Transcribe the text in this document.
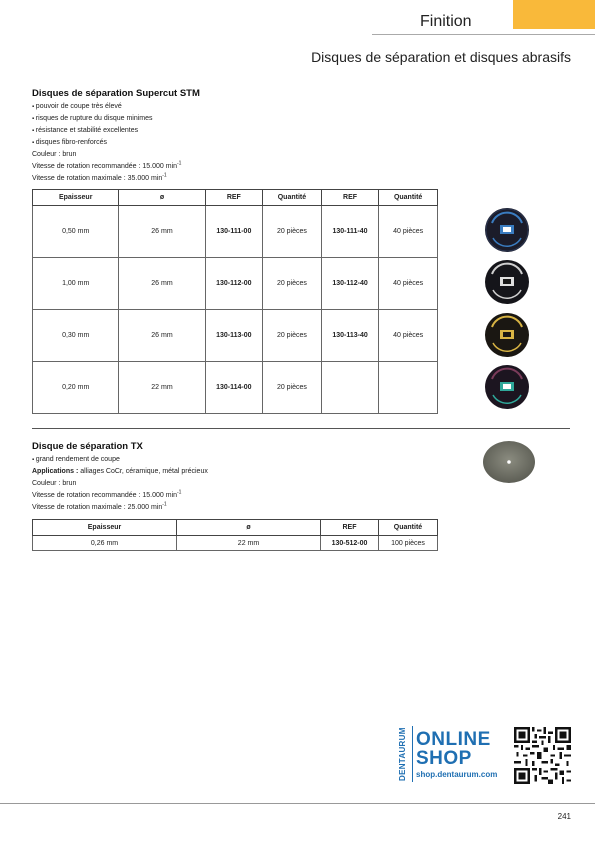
Finition
Disques de séparation et disques abrasifs
Disques de séparation Supercut STM
▪ pouvoir de coupe très élevé
▪ risques de rupture du disque minimes
▪ résistance et stabilité excellentes
▪ disques fibro-renforcés
Couleur : brun
Vitesse de rotation recommandée : 15.000 $\min^{-1}$
Vitesse de rotation maximale : 35.000 $\min^{-1}$
Epaisseur	ø	REF	Quantité	REF	Quantité
0,50 mm	26 mm	130-111-00	20 pièces	130-111-40	40 pièces
1,00 mm	26 mm	130-112-00	20 pièces	130-112-40	40 pièces
0,30 mm	26 mm	130-113-00	20 pièces	130-113-40	40 pièces
0,20 mm	22 mm	130-114-00	20 pièces		
Disque de séparation TX
▪ grand rendement de coupe
Applications : alliages CoCr, céramique, métal précieux
Couleur : brun
Vitesse de rotation recommandée : 15.000 $\min^{-1}$
Vitesse de rotation maximale : 25.000 $\min^{-1}$
Epaisseur	ø	REF	Quantité
0,26 mm	22 mm	130-512-00	100 pièces
DENTAURUM ONLINE
SHOP
shop.dentaurum.com
241
